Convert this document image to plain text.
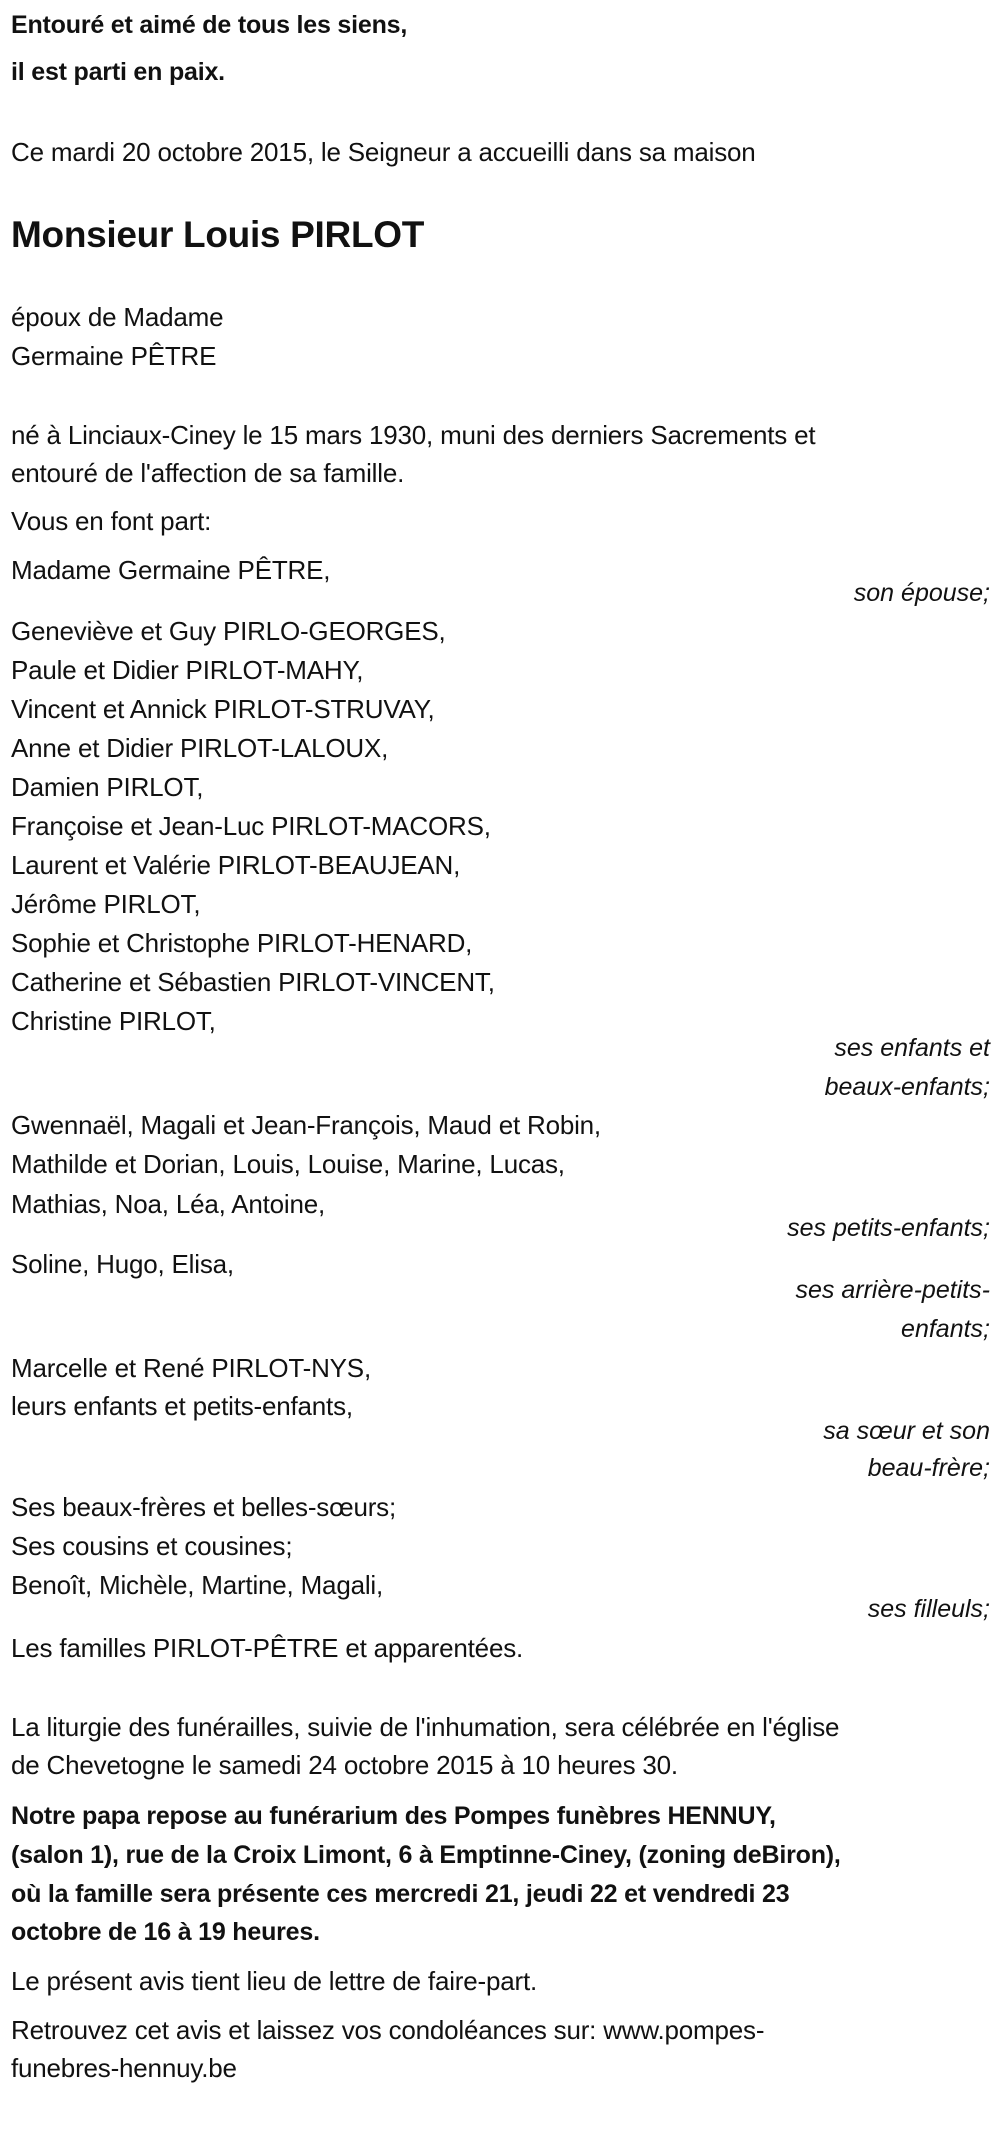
Entouré et aimé de tous les siens,
il est parti en paix.
Ce mardi 20 octobre 2015, le Seigneur a accueilli dans sa maison
Monsieur Louis PIRLOT
époux de Madame
Germaine PÊTRE
né à Linciaux-Ciney le 15 mars 1930, muni des derniers Sacrements et
entouré de l'affection de sa famille.
Vous en font part:
Madame Germaine PÊTRE,
son épouse;
Geneviève et Guy PIRLO-GEORGES,
Paule et Didier PIRLOT-MAHY,
Vincent et Annick PIRLOT-STRUVAY,
Anne et Didier PIRLOT-LALOUX,
Damien PIRLOT,
Françoise et Jean-Luc PIRLOT-MACORS,
Laurent et Valérie PIRLOT-BEAUJEAN,
Jérôme PIRLOT,
Sophie et Christophe PIRLOT-HENARD,
Catherine et Sébastien PIRLOT-VINCENT,
Christine PIRLOT,
ses enfants et
beaux-enfants;
Gwennaël, Magali et Jean-François, Maud et Robin,
Mathilde et Dorian, Louis, Louise, Marine, Lucas,
Mathias, Noa, Léa, Antoine,
ses petits-enfants;
Soline, Hugo, Elisa,
ses arrière-petits-
enfants;
Marcelle et René PIRLOT-NYS,
leurs enfants et petits-enfants,
sa sœur et son
beau-frère;
Ses beaux-frères et belles-sœurs;
Ses cousins et cousines;
Benoît, Michèle, Martine, Magali,
ses filleuls;
Les familles PIRLOT-PÊTRE et apparentées.
La liturgie des funérailles, suivie de l'inhumation, sera célébrée en l'église
de Chevetogne le samedi 24 octobre 2015 à 10 heures 30.
Notre papa repose au funérarium des Pompes funèbres HENNUY,
(salon 1), rue de la Croix Limont, 6 à Emptinne-Ciney, (zoning deBiron),
où la famille sera présente ces mercredi 21, jeudi 22 et vendredi 23
octobre de 16 à 19 heures.
Le présent avis tient lieu de lettre de faire-part.
Retrouvez cet avis et laissez vos condoléances sur: www.pompes-
funebres-hennuy.be
